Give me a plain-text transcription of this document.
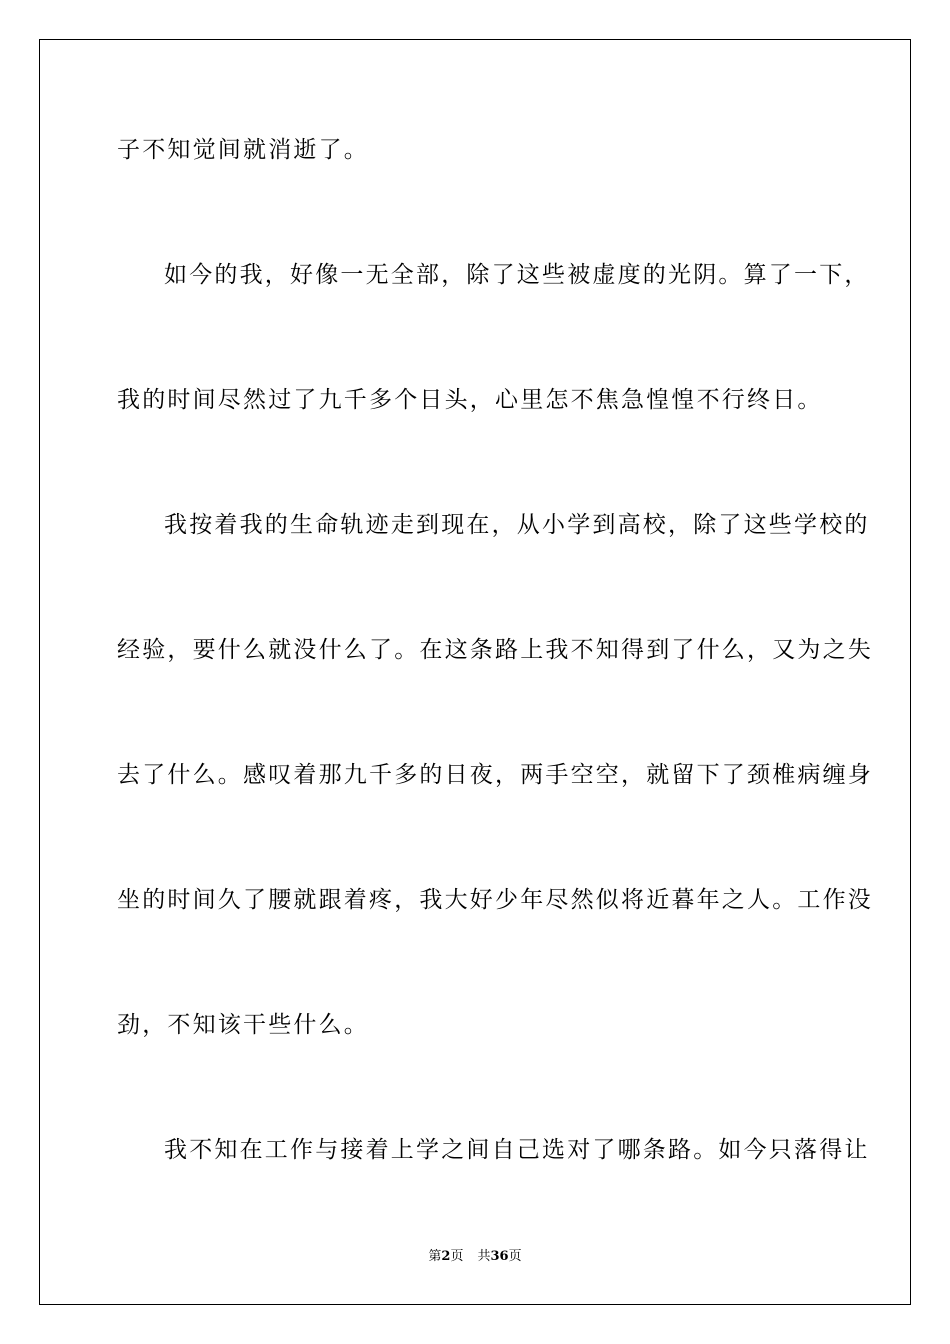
子不知觉间就消逝了。
如今的我，好像一无全部，除了这些被虚度的光阴。算了一下，
我的时间尽然过了九千多个日头，心里怎不焦急惶惶不行终日。
我按着我的生命轨迹走到现在，从小学到高校，除了这些学校的
经验，要什么就没什么了。在这条路上我不知得到了什么，又为之失
去了什么。感叹着那九千多的日夜，两手空空，就留下了颈椎病缠身
坐的时间久了腰就跟着疼，我大好少年尽然似将近暮年之人。工作没
劲，不知该干些什么。
我不知在工作与接着上学之间自己选对了哪条路。如今只落得让
第2页 共36页
